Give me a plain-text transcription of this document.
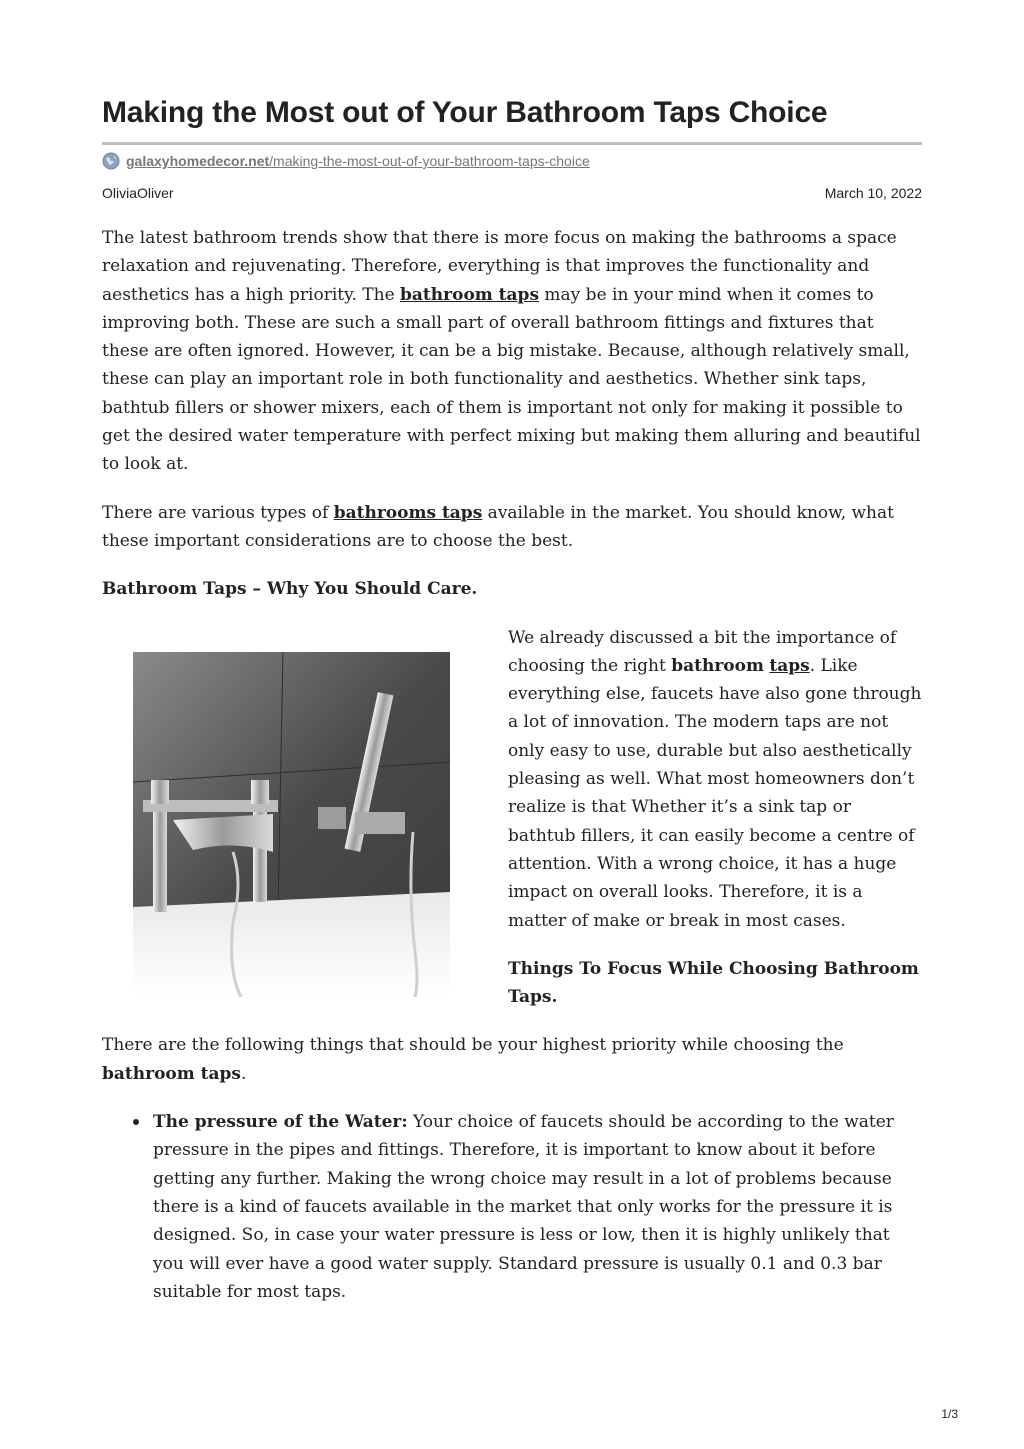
Making the Most out of Your Bathroom Taps Choice
galaxyhomedecor.net/making-the-most-out-of-your-bathroom-taps-choice
OliviaOliver	March 10, 2022

The latest bathroom trends show that there is more focus on making the bathrooms a space relaxation and rejuvenating. Therefore, everything is that improves the functionality and aesthetics has a high priority. The bathroom taps may be in your mind when it comes to improving both. These are such a small part of overall bathroom fittings and fixtures that these are often ignored. However, it can be a big mistake. Because, although relatively small, these can play an important role in both functionality and aesthetics. Whether sink taps, bathtub fillers or shower mixers, each of them is important not only for making it possible to get the desired water temperature with perfect mixing but making them alluring and beautiful to look at.

There are various types of bathrooms taps available in the market. You should know, what these important considerations are to choose the best.

Bathroom Taps – Why You Should Care.

We already discussed a bit the importance of choosing the right bathroom taps. Like everything else, faucets have also gone through a lot of innovation. The modern taps are not only easy to use, durable but also aesthetically pleasing as well. What most homeowners don’t realize is that Whether it’s a sink tap or bathtub fillers, it can easily become a centre of attention. With a wrong choice, it has a huge impact on overall looks. Therefore, it is a matter of make or break in most cases.

Things To Focus While Choosing Bathroom Taps.

There are the following things that should be your highest priority while choosing the bathroom taps.

The pressure of the Water: Your choice of faucets should be according to the water pressure in the pipes and fittings. Therefore, it is important to know about it before getting any further. Making the wrong choice may result in a lot of problems because there is a kind of faucets available in the market that only works for the pressure it is designed. So, in case your water pressure is less or low, then it is highly unlikely that you will ever have a good water supply. Standard pressure is usually 0.1 and 0.3 bar suitable for most taps.
1/3
